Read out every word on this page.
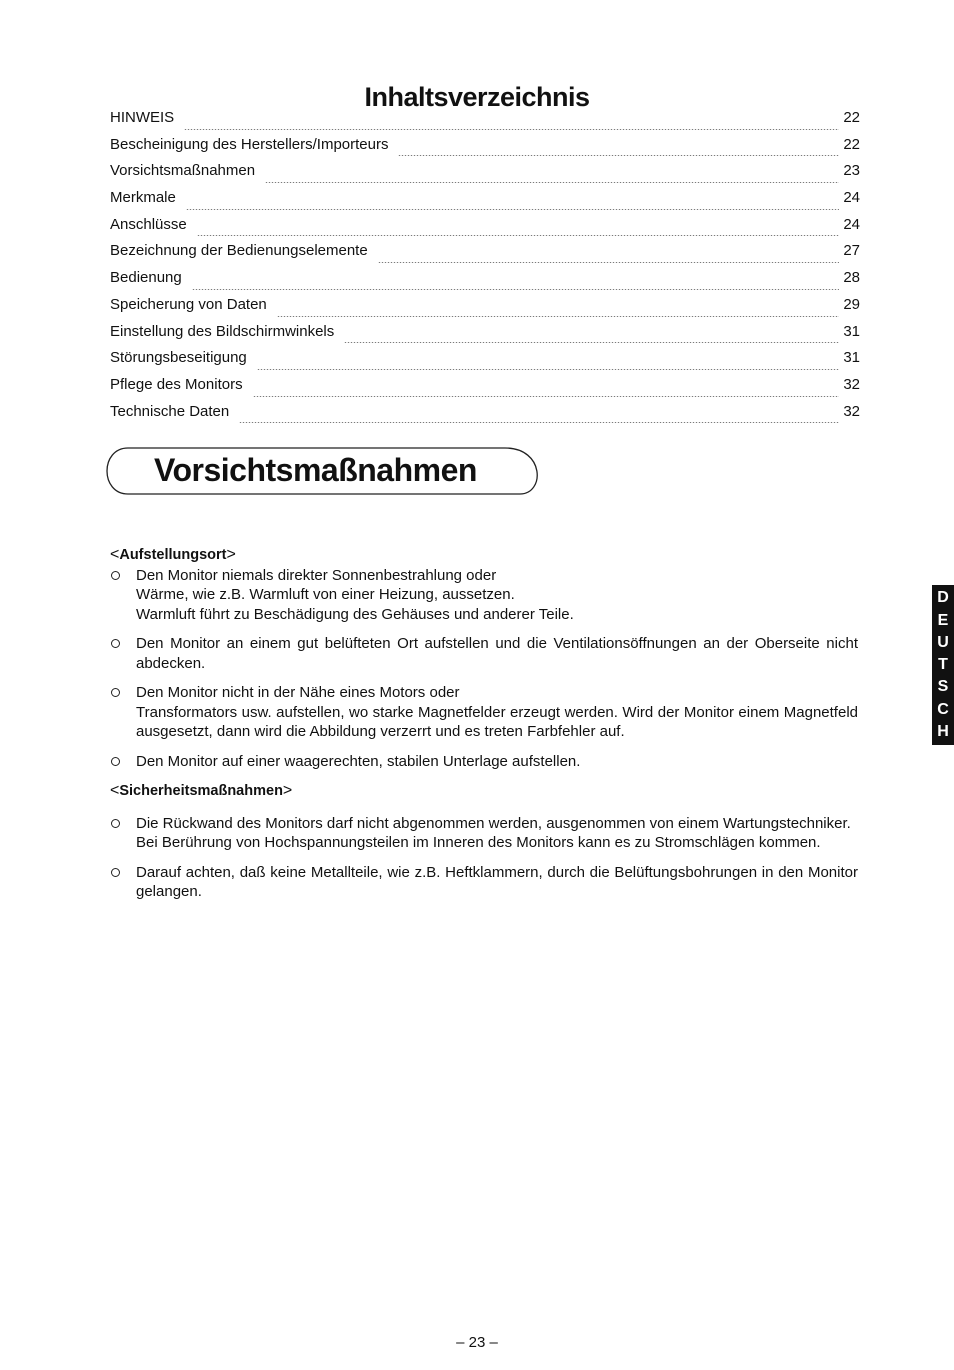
Inhaltsverzeichnis
HINWEIS	22
Bescheinigung des Herstellers/Importeurs	22
Vorsichtsmaßnahmen	23
Merkmale	24
Anschlüsse	24
Bezeichnung der Bedienungselemente	27
Bedienung	28
Speicherung von Daten	29
Einstellung des Bildschirmwinkels	31
Störungsbeseitigung	31
Pflege des Monitors	32
Technische Daten	32
Vorsichtsmaßnahmen
<Aufstellungsort>

Den Monitor niemals direkter Sonnenbestrahlung oder

Wärme, wie z.B. Warmluft von einer Heizung, aussetzen.

Warmluft führt zu Beschädigung des Gehäuses und anderer Teile.

Den Monitor an einem gut belüfteten Ort aufstellen und die Ventilationsöffnungen an der Oberseite nicht abdecken.

Den Monitor nicht in der Nähe eines Motors oder

Transformators usw. aufstellen, wo starke Magnetfelder erzeugt werden. Wird der Monitor einem Magnetfeld ausgesetzt, dann wird die Abbildung verzerrt und es treten Farbfehler auf.

Den Monitor auf einer waagerechten, stabilen Unterlage aufstellen.

<Sicherheitsmaßnahmen>

Die Rückwand des Monitors darf nicht abgenommen werden, ausgenommen von einem Wartungstechniker.

Bei Berührung von Hochspannungsteilen im Inneren des Monitors kann es zu Stromschlägen kommen.

Darauf achten, daß keine Metallteile, wie z.B. Heftklammern, durch die Belüftungsbohrungen in den Monitor gelangen.

D
E
U
T
S
C
H
– 23 –
